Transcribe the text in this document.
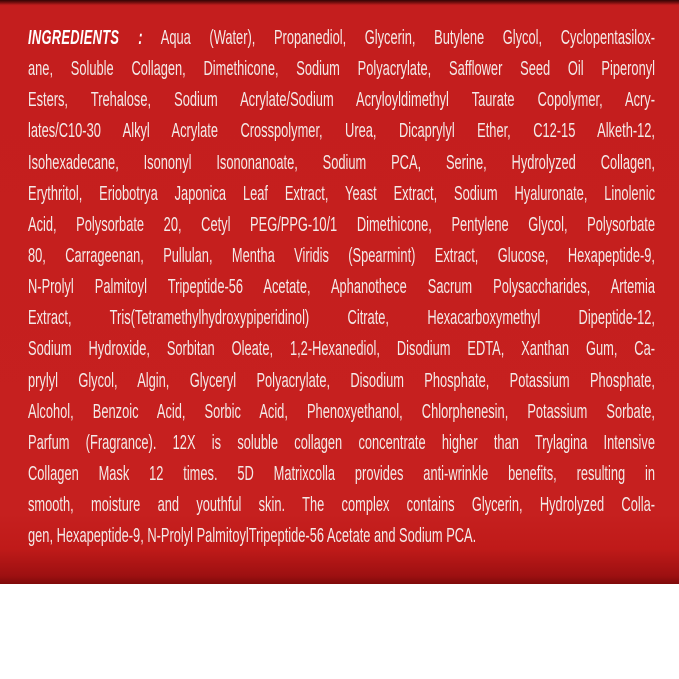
INGREDIENTS : Aqua (Water), Propanediol, Glycerin, Butylene Glycol, Cyclopentasilox-
ane, Soluble Collagen, Dimethicone, Sodium Polyacrylate, Safflower Seed Oil Piperonyl
Esters, Trehalose, Sodium Acrylate/Sodium Acryloyldimethyl Taurate Copolymer, Acry-
lates/C10-30 Alkyl Acrylate Crosspolymer, Urea, Dicaprylyl Ether, C12-15 Alketh-12,
Isohexadecane, Isononyl Isononanoate, Sodium PCA, Serine, Hydrolyzed Collagen,
Erythritol, Eriobotrya Japonica Leaf Extract, Yeast Extract, Sodium Hyaluronate, Linolenic
Acid, Polysorbate 20, Cetyl PEG/PPG-10/1 Dimethicone, Pentylene Glycol, Polysorbate
80, Carrageenan, Pullulan, Mentha Viridis (Spearmint) Extract, Glucose, Hexapeptide-9,
N-Prolyl Palmitoyl Tripeptide-56 Acetate, Aphanothece Sacrum Polysaccharides, Artemia
Extract, Tris(Tetramethylhydroxypiperidinol) Citrate, Hexacarboxymethyl Dipeptide-12,
Sodium Hydroxide, Sorbitan Oleate, 1,2-Hexanediol, Disodium EDTA, Xanthan Gum, Ca-
prylyl Glycol, Algin, Glyceryl Polyacrylate, Disodium Phosphate, Potassium Phosphate,
Alcohol, Benzoic Acid, Sorbic Acid, Phenoxyethanol, Chlorphenesin, Potassium Sorbate,
Parfum (Fragrance). 12X is soluble collagen concentrate higher than Trylagina Intensive
Collagen Mask 12 times. 5D Matrixcolla provides anti-wrinkle benefits, resulting in
smooth, moisture and youthful skin. The complex contains Glycerin, Hydrolyzed Colla-
gen, Hexapeptide-9, N-Prolyl PalmitoylTripeptide-56 Acetate and Sodium PCA.
